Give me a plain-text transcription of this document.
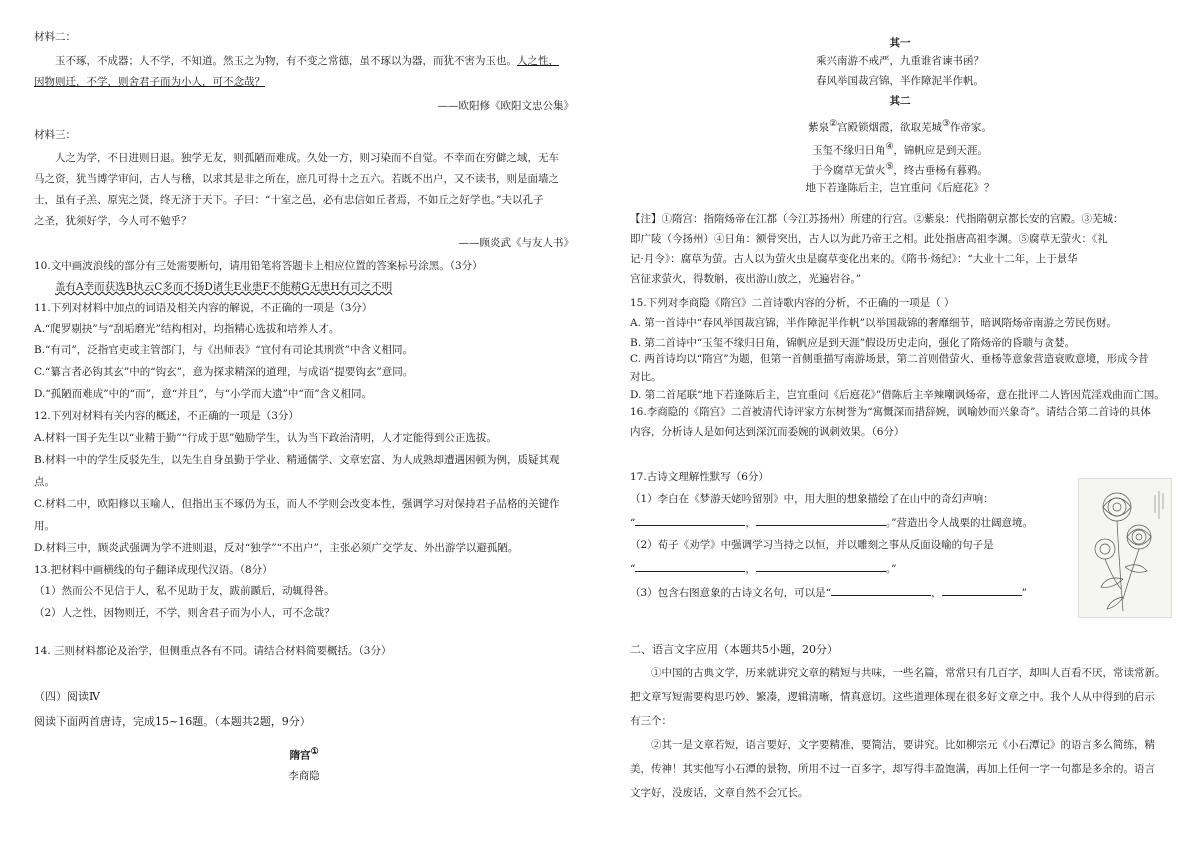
材料二：

玉不琢，不成器；人不学，不知道。然玉之为物，有不变之常德，虽不琢以为器，而犹不害为玉也。人之性，

因物则迁，不学，则舍君子而为小人，可不念哉？

——欧阳修《欧阳文忠公集》

材料三：

人之为学，不日进则日退。独学无友，则孤陋而难成。久处一方，则习染而不自觉。不幸而在穷僻之域，无车

马之资，犹当博学审问，古人与稽，以求其是非之所在，庶几可得十之五六。若既不出户，又不读书，则是面墙之

士，虽有子羔、原宪之贤，终无济于天下。子曰：“十室之邑，必有忠信如丘者焉，不如丘之好学也。”夫以孔子

之圣，犹须好学，今人可不勉乎？

——顾炎武《与友人书》

10.文中画波浪线的部分有三处需要断句，请用铅笔将答题卡上相应位置的答案标号涂黑。（3分）

盖有A幸而获选B执云C多而不扬D诸生E业患F不能精G无患H有司之不明

11.下列对材料中加点的词语及相关内容的解说，不正确的一项是（3分）

A.“爬罗剔抉”与“刮垢磨光”结构相对，均指精心选拔和培养人才。

B.“有司”，泛指官吏或主管部门，与《出师表》“宜付有司论其刑赏”中含义相同。

C.“纂言者必钩其玄”中的“钩玄”，意为探求精深的道理，与成语“提要钩玄”意同。

D.“孤陋而难成”中的“而”，意“并且”，与“小学而大遗”中“而”含义相同。

12.下列对材料有关内容的概述，不正确的一项是（3分）

A.材料一国子先生以“业精于勤”“行成于思”勉励学生，认为当下政治清明，人才定能得到公正选拔。

B.材料一中的学生反驳先生，以先生自身虽勤于学业、精通儒学、文章宏富、为人成熟却遭遇困顿为例，质疑其观

点。

C.材料二中，欧阳修以玉喻人，但指出玉不琢仍为玉，而人不学则会改变本性，强调学习对保持君子品格的关键作

用。

D.材料三中，顾炎武强调为学不进则退，反对“独学”“不出户”，主张必须广交学友、外出游学以避孤陋。

13.把材料中画横线的句子翻译成现代汉语。（8分）

（1）然而公不见信于人，私不见助于友，跋前踬后，动辄得咎。

（2）人之性，因物则迁，不学，则舍君子而为小人，可不念哉？

14. 三则材料都论及治学，但侧重点各有不同。请结合材料简要概括。（3分）

（四）阅读Ⅳ

阅读下面两首唐诗，完成15~16题。（本题共2题，9分）

隋宫①

李商隐

其一

乘兴南游不戒严，九重谁省谏书函？

春风举国裁宫锦，半作障泥半作帆。

其二

紫泉②宫殿锁烟霞，欲取芜城③作帝家。

玉玺不缘归日角④，锦帆应是到天涯。

于今腐草无萤火⑤，终古垂杨有暮鸦。

地下若逢陈后主，岂宜重问《后庭花》？

【注】①隋宫：指隋炀帝在江都（今江苏扬州）所建的行宫。②紫泉：代指隋朝京都长安的宫殿。③芜城：

即广陵（今扬州）④日角：额骨突出，古人以为此乃帝王之相。此处指唐高祖李渊。⑤腐草无萤火：《礼

记·月令》：腐草为萤。古人以为萤火虫是腐草变化出来的。《隋书·炀纪》：“大业十二年，上于景华

宫征求萤火，得数斛，夜出游山放之，光遍岩谷。”

15.下列对李商隐《隋宫》二首诗歌内容的分析，不正确的一项是（ ）

A. 第一首诗中“春风举国裁宫锦，半作障泥半作帆”以举国裁锦的奢靡细节，暗讽隋炀帝南游之劳民伤财。

B. 第二首诗中“玉玺不缘归日角，锦帆应是到天涯”假设历史走向，强化了隋炀帝的昏聩与贪婪。

C. 两首诗均以“隋宫”为题，但第一首侧重描写南游场景，第二首则借萤火、垂杨等意象营造衰败意境，形成今昔

对比。

D. 第二首尾联“地下若逢陈后主，岂宜重问《后庭花》”借陈后主辛辣嘲讽炀帝，意在批评二人皆因荒淫戏曲而亡国。

16.李商隐的《隋宫》二首被清代诗评家方东树誉为“寓慨深而措辞婉，讽喻妙而兴象奇”。请结合第二首诗的具体

内容，分析诗人是如何达到深沉而委婉的讽刺效果。（6分）

17.古诗文理解性默写（6分）

（1）李白在《梦游天姥吟留别》中，用大胆的想象描绘了在山中的奇幻声响：

“	，	。”营造出令人战栗的壮阔意境。

（2）荀子《劝学》中强调学习当持之以恒，并以雕刻之事从反面设喻的句子是

“	，	。”

（3）包含右图意象的古诗文名句，可以是“	，	”

二、语言文字应用（本题共5小题，20分）

①中国的古典文学，历来就讲究文章的精短与共味，一些名篇，常常只有几百字，却叫人百看不厌，常读常新。

把文章写短需要构思巧妙、繁凑，逻辑清晰，情真意切。这些道理体现在很多好文章之中。我个人从中得到的启示

有三个：

②其一是文章若短，语言要好，文字要精准，要简洁，要讲究。比如柳宗元《小石潭记》的语言多么简练，精

美，传神！其实他写小石潭的景物，所用不过一百多字，却写得丰盈饱满，再加上任何一字一句都是多余的。语言

文字好，没废话，文章自然不会冗长。
